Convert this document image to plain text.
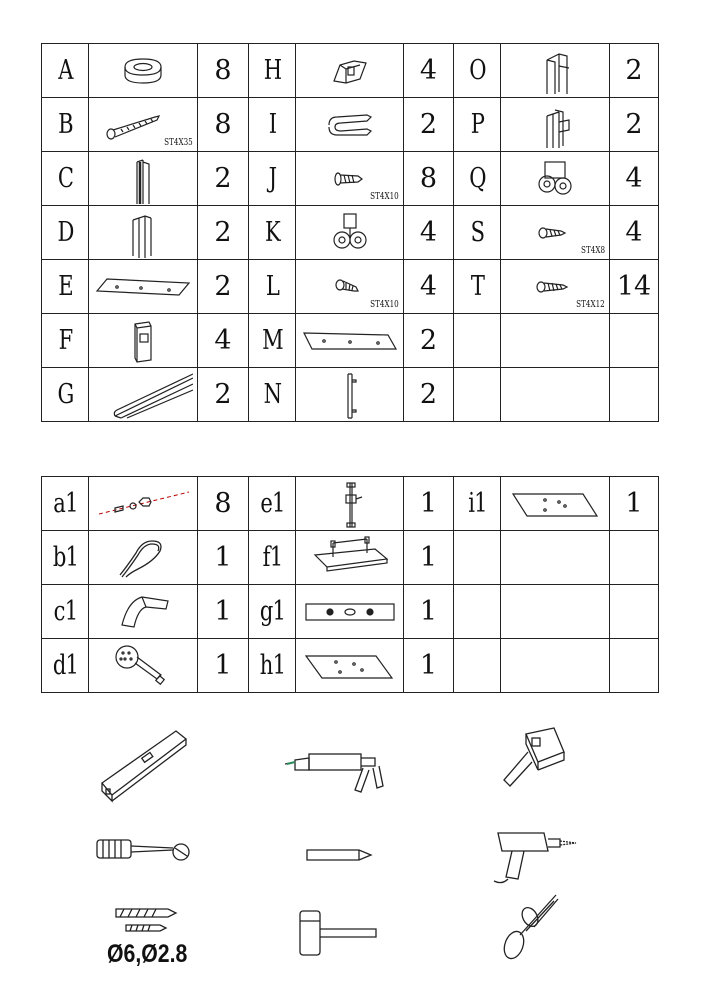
A		8	H		4	O		2
B	ST4X35	8	I		2	P		2
C		2	J	ST4X10	8	Q		4
D		2	K		4	S	ST4X8	4
E		2	L	ST4X10	4	T	ST4X12	14
F		4	M		2			
G		2	N		2			
a1		8	e1		1	i1		1
b1		1	f1		1			
c1		1	g1		1			
d1		1	h1		1			
Ø6,Ø2.8
